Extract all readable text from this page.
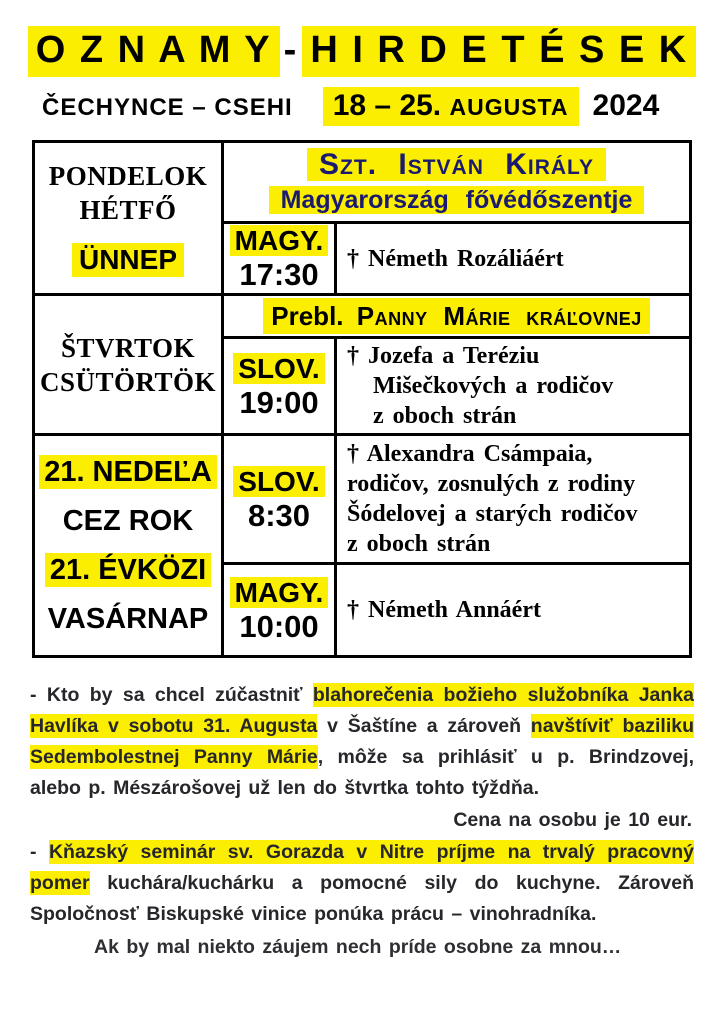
O Z N A M Y - H I R D E T É S E K
ČECHYNCE – CSEHI	18 – 25. AUGUSTA 2024
PONDELOK
HÉTFŐ
ÜNNEP
Szt. István Király
Magyarország fővédőszentje
MAGY.
17:30 † Németh Rozáliáért
ŠTVRTOK
CSÜTÖRTÖK
Prebl. Panny Márie kráľovnej
SLOV.
19:00
† Jozefa a Teréziu
Mišečkových a rodičov
z oboch strán
21. NEDEĽA
CEZ ROK
21. ÉVKÖZI
VASÁRNAP
SLOV.
8:30
† Alexandra Csámpaia,
rodičov, zosnulých z rodiny
Šódelovej a starých rodičov
z oboch strán
MAGY.
10:00 † Németh Annáért
- Kto by sa chcel zúčastniť blahorečenia božieho služobníka Janka Havlíka v sobotu 31. Augusta v Šaštíne a zároveň navštíviť baziliku Sedembolestnej Panny Márie, môže sa prihlásiť u p. Brindzovej, alebo p. Mészárošovej už len do štvrtka tohto týždňa.
Cena na osobu je 10 eur.
- Kňazský seminár sv. Gorazda v Nitre príjme na trvalý pracovný pomer kuchára/kuchárku a pomocné sily do kuchyne. Zároveň Spoločnosť Biskupské vinice ponúka prácu – vinohradníka.
Ak by mal niekto záujem nech príde osobne za mnou…
